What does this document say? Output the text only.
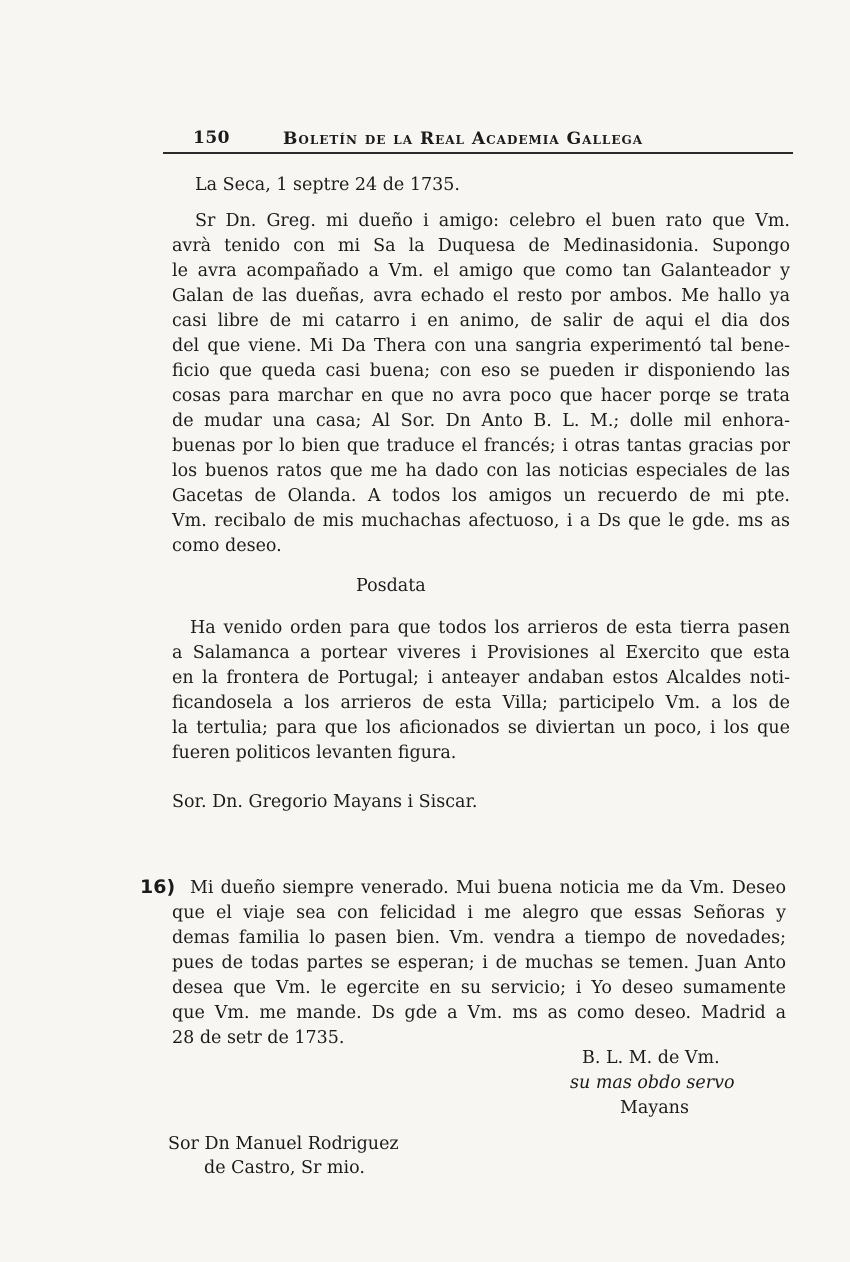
150	Boletín de la Real Academia Gallega
La Seca, 1 septre 24 de 1735.
Sr Dn. Greg. mi dueño i amigo: celebro el buen rato que Vm.
avrà tenido con mi Sa la Duquesa de Medinasidonia. Supongo
le avra acompañado a Vm. el amigo que como tan Galanteador y
Galan de las dueñas, avra echado el resto por ambos. Me hallo ya
casi libre de mi catarro i en animo, de salir de aqui el dia dos
del que viene. Mi Da Thera con una sangria experimentó tal bene-
ficio que queda casi buena; con eso se pueden ir disponiendo las
cosas para marchar en que no avra poco que hacer porqe se trata
de mudar una casa; Al Sor. Dn Anto B. L. M.; dolle mil enhora-
buenas por lo bien que traduce el francés; i otras tantas gracias por
los buenos ratos que me ha dado con las noticias especiales de las
Gacetas de Olanda. A todos los amigos un recuerdo de mi pte.
Vm. recibalo de mis muchachas afectuoso, i a Ds que le gde. ms as
como deseo.
Posdata
Ha venido orden para que todos los arrieros de esta tierra pasen
a Salamanca a portear viveres i Provisiones al Exercito que esta
en la frontera de Portugal; i anteayer andaban estos Alcaldes noti-
ficandosela a los arrieros de esta Villa; participelo Vm. a los de
la tertulia; para que los aficionados se diviertan un poco, i los que
fueren politicos levanten figura.
Sor. Dn. Gregorio Mayans i Siscar.
16) Mi dueño siempre venerado. Mui buena noticia me da Vm. Deseo
que el viaje sea con felicidad i me alegro que essas Señoras y
demas familia lo pasen bien. Vm. vendra a tiempo de novedades;
pues de todas partes se esperan; i de muchas se temen. Juan Anto
desea que Vm. le egercite en su servicio; i Yo deseo sumamente
que Vm. me mande. Ds gde a Vm. ms as como deseo. Madrid a
28 de setr de 1735.
B. L. M. de Vm.
su mas obdo servo
Mayans
Sor Dn Manuel Rodriguez
de Castro, Sr mio.
